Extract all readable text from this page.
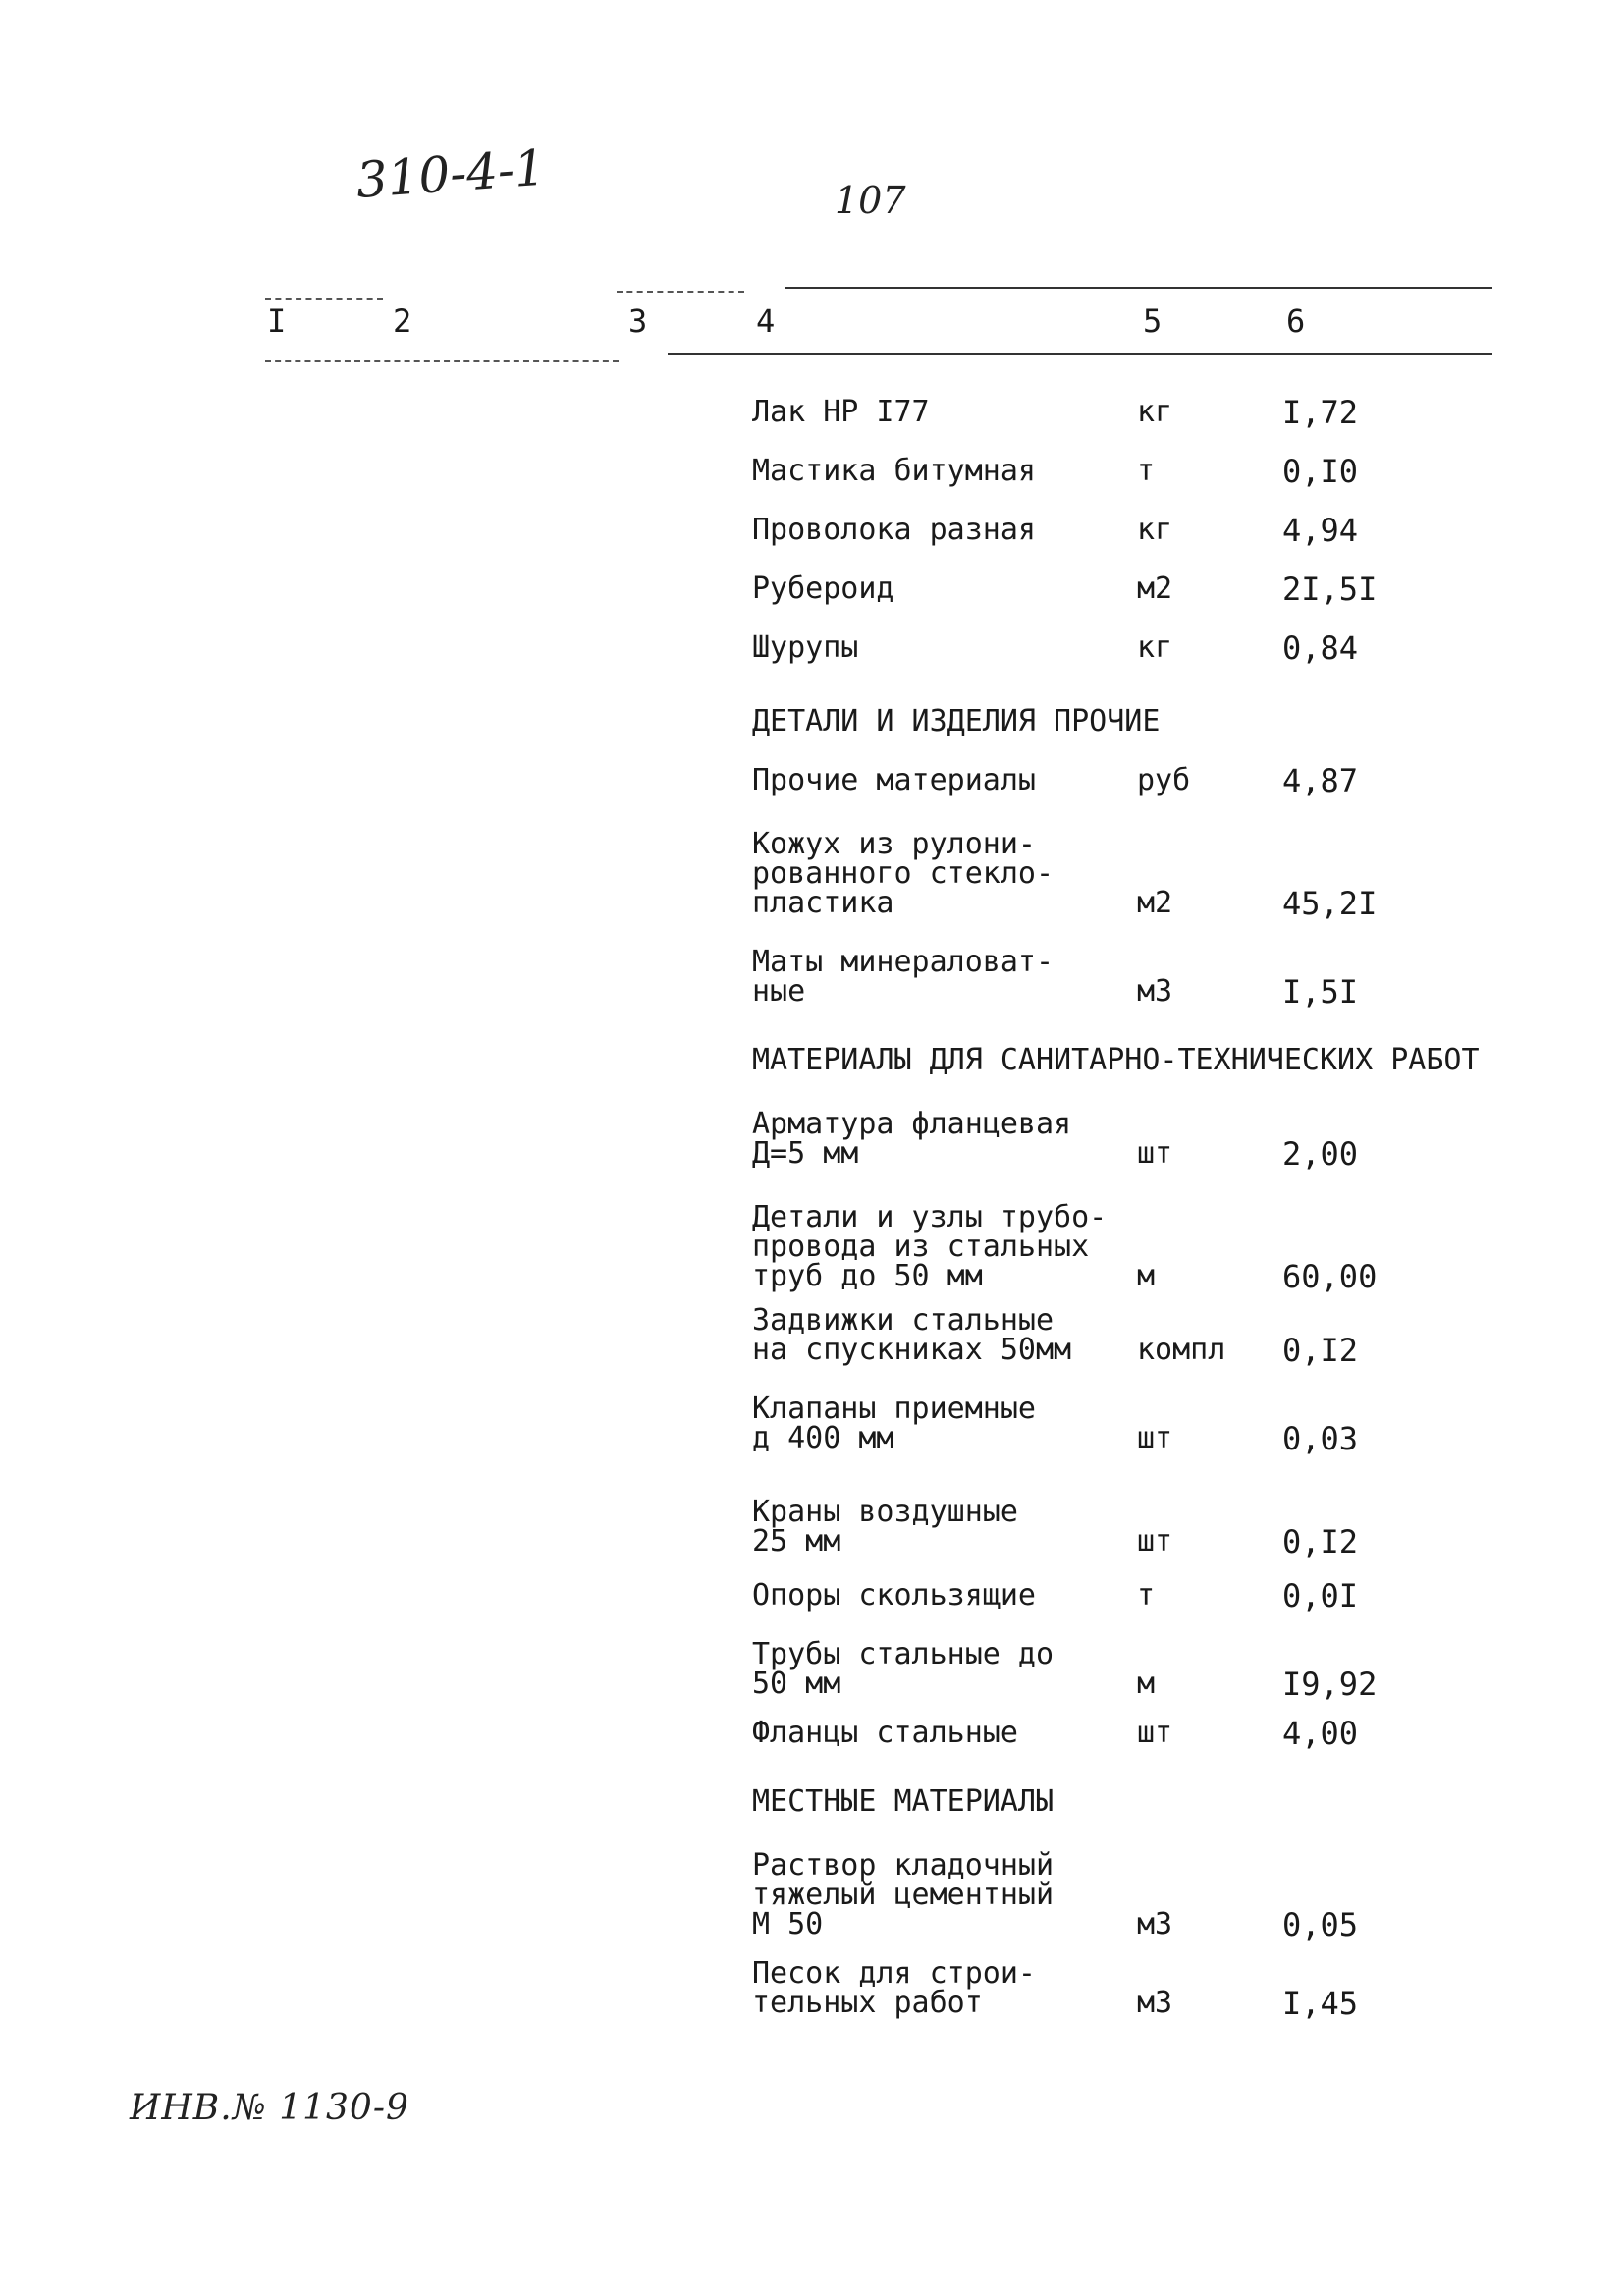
310-4-1	107
I	2	3	4	5	6
Лак НР I77	кг	I,72
Мастика битумная	т	0,I0
Проволока разная	кг	4,94
Рубероид	м2	2I,5I
Шурупы	кг	0,84
ДЕТАЛИ И ИЗДЕЛИЯ ПРОЧИЕ
Прочие материалы	руб	4,87
Кожух из рулони-
рованного стекло-
пластика	м2	45,2I
Маты минераловат-
ные	м3	I,5I
МАТЕРИАЛЫ ДЛЯ САНИТАРНО-ТЕХНИЧЕСКИХ РАБОТ
Арматура фланцевая
Д=5 мм	шт	2,00
Детали и узлы трубо-
провода из стальных
труб до 50 мм	м	60,00
Задвижки стальные
на спускниках 50мм	компл 0,I2
Клапаны приемные
д 400 мм	шт	0,03
Краны воздушные
25 мм	шт	0,I2
Опоры скользящие	т	0,0I
Трубы стальные до
50 мм	м	I9,92
Фланцы стальные	шт	4,00
МЕСТНЫЕ МАТЕРИАЛЫ
Раствор кладочный
тяжелый цементный
М 50	м3	0,05
Песок для строи-
тельных работ	м3	I,45
ИНВ.№ 1130-9
